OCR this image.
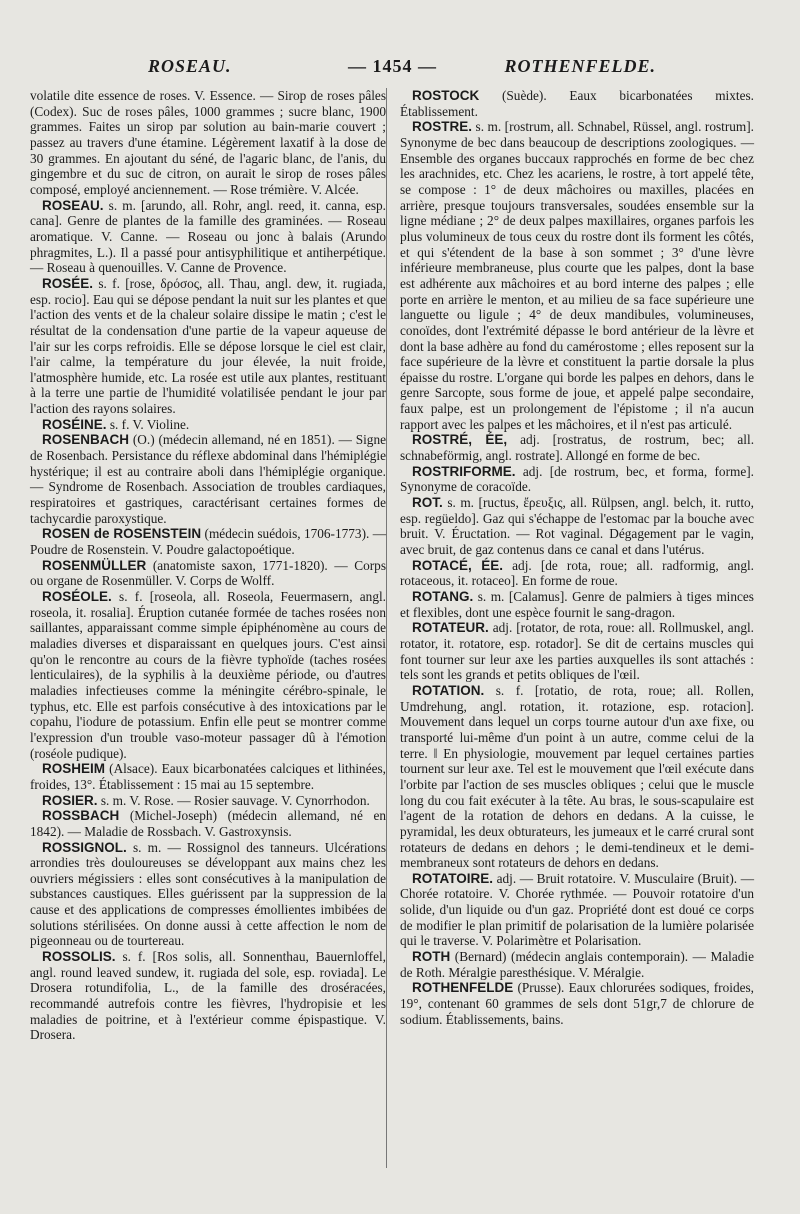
ROSEAU.	— 1454 —	ROTHENFELDE.

volatile dite essence de roses. V. Essence. — Sirop de roses pâles (Codex). Suc de roses pâles, 1000 grammes ; sucre blanc, 1900 grammes. Faites un sirop par solution au bain-marie couvert ; passez au travers d'une étamine. Légèrement laxatif à la dose de 30 grammes. En ajoutant du séné, de l'agaric blanc, de l'anis, du gingembre et du suc de citron, on aurait le sirop de roses pâles composé, employé anciennement. — Rose trémière. V. Alcée.

ROSEAU. s. m. [arundo, all. Rohr, angl. reed, it. canna, esp. cana]. Genre de plantes de la famille des graminées. — Roseau aromatique. V. Canne. — Roseau ou jonc à balais (Arundo phragmites, L.). Il a passé pour antisyphilitique et antiherpétique. — Roseau à quenouilles. V. Canne de Provence.

ROSÉE. s. f. [rose, δρόσος, all. Thau, angl. dew, it. rugiada, esp. rocio]. Eau qui se dépose pendant la nuit sur les plantes et que l'action des vents et de la chaleur solaire dissipe le matin ; c'est le résultat de la condensation d'une partie de la vapeur aqueuse de l'air sur les corps refroidis. Elle se dépose lorsque le ciel est clair, l'air calme, la température du jour élevée, la nuit froide, l'atmosphère humide, etc. La rosée est utile aux plantes, restituant à la terre une partie de l'humidité volatilisée pendant le jour par l'action des rayons solaires.

ROSÉINE. s. f. V. Violine.

ROSENBACH (O.) (médecin allemand, né en 1851). — Signe de Rosenbach. Persistance du réflexe abdominal dans l'hémiplégie hystérique; il est au contraire aboli dans l'hémiplégie organique. — Syndrome de Rosenbach. Association de troubles cardiaques, respiratoires et gastriques, caractérisant certaines formes de tachycardie paroxystique.

ROSEN de ROSENSTEIN (médecin suédois, 1706-1773). — Poudre de Rosenstein. V. Poudre galactopoétique.

ROSENMÜLLER (anatomiste saxon, 1771-1820). — Corps ou organe de Rosenmüller. V. Corps de Wolff.

ROSÉOLE. s. f. [roseola, all. Roseola, Feuermasern, angl. roseola, it. rosalia]. Éruption cutanée formée de taches rosées non saillantes, apparaissant comme simple épiphénomène au cours de maladies diverses et disparaissant en quelques jours. C'est ainsi qu'on le rencontre au cours de la fièvre typhoïde (taches rosées lenticulaires), de la syphilis à la deuxième période, ou d'autres maladies infectieuses comme la méningite cérébro-spinale, le typhus, etc. Elle est parfois consécutive à des intoxications par le copahu, l'iodure de potassium. Enfin elle peut se montrer comme l'expression d'un trouble vaso-moteur passager dû à l'émotion (roséole pudique).

ROSHEIM (Alsace). Eaux bicarbonatées calciques et lithinées, froides, 13°. Établissement : 15 mai au 15 septembre.

ROSIER. s. m. V. Rose. — Rosier sauvage. V. Cynorrhodon.

ROSSBACH (Michel-Joseph) (médecin allemand, né en 1842). — Maladie de Rossbach. V. Gastroxynsis.

ROSSIGNOL. s. m. — Rossignol des tanneurs. Ulcérations arrondies très douloureuses se développant aux mains chez les ouvriers mégissiers : elles sont consécutives à la manipulation de substances caustiques. Elles guérissent par la suppression de la cause et des applications de compresses émollientes imbibées de solutions stérilisées. On donne aussi à cette affection le nom de pigeonneau ou de tourtereau.

ROSSOLIS. s. f. [Ros solis, all. Sonnenthau, Bauernloffel, angl. round leaved sundew, it. rugiada del sole, esp. roviada]. Le Drosera rotundifolia, L., de la famille des droséracées, recommandé autrefois contre les fièvres, l'hydropisie et les maladies de poitrine, et à l'extérieur comme épispastique. V. Drosera.

ROSTOCK (Suède). Eaux bicarbonatées mixtes. Établissement.

ROSTRE. s. m. [rostrum, all. Schnabel, Rüssel, angl. rostrum]. Synonyme de bec dans beaucoup de descriptions zoologiques. — Ensemble des organes buccaux rapprochés en forme de bec chez les arachnides, etc. Chez les acariens, le rostre, à tort appelé tête, se compose : 1° de deux mâchoires ou maxilles, placées en arrière, presque toujours transversales, soudées ensemble sur la ligne médiane ; 2° de deux palpes maxillaires, organes parfois les plus volumineux de tous ceux du rostre dont ils forment les côtés, et qui s'étendent de la base à son sommet ; 3° d'une lèvre inférieure membraneuse, plus courte que les palpes, dont la base est adhérente aux mâchoires et au bord interne des palpes ; elle porte en arrière le menton, et au milieu de sa face supérieure une languette ou ligule ; 4° de deux mandibules, volumineuses, conoïdes, dont l'extrémité dépasse le bord antérieur de la lèvre et dont la base adhère au fond du camérostome ; elles reposent sur la face supérieure de la lèvre et constituent la partie dorsale la plus épaisse du rostre. L'organe qui borde les palpes en dehors, dans le genre Sarcopte, sous forme de joue, et appelé palpe secondaire, faux palpe, est un prolongement de l'épistome ; il n'a aucun rapport avec les palpes et les mâchoires, et il n'est pas articulé.

ROSTRÉ, ÉE, adj. [rostratus, de rostrum, bec; all. schnabeförmig, angl. rostrate]. Allongé en forme de bec.

ROSTRIFORME. adj. [de rostrum, bec, et forma, forme]. Synonyme de coracoïde.

ROT. s. m. [ructus, ἔρευξις, all. Rülpsen, angl. belch, it. rutto, esp. regüeldo]. Gaz qui s'échappe de l'estomac par la bouche avec bruit. V. Éructation. — Rot vaginal. Dégagement par le vagin, avec bruit, de gaz contenus dans ce canal et dans l'utérus.

ROTACÉ, ÉE. adj. [de rota, roue; all. radformig, angl. rotaceous, it. rotaceo]. En forme de roue.

ROTANG. s. m. [Calamus]. Genre de palmiers à tiges minces et flexibles, dont une espèce fournit le sang-dragon.

ROTATEUR. adj. [rotator, de rota, roue: all. Rollmuskel, angl. rotator, it. rotatore, esp. rotador]. Se dit de certains muscles qui font tourner sur leur axe les parties auxquelles ils sont attachés : tels sont les grands et petits obliques de l'œil.

ROTATION. s. f. [rotatio, de rota, roue; all. Rollen, Umdrehung, angl. rotation, it. rotazione, esp. rotacion]. Mouvement dans lequel un corps tourne autour d'un axe fixe, ou transporté lui-même d'un point à un autre, comme celui de la terre. ‖ En physiologie, mouvement par lequel certaines parties tournent sur leur axe. Tel est le mouvement que l'œil exécute dans l'orbite par l'action de ses muscles obliques ; celui que le muscle long du cou fait exécuter à la tête. Au bras, le sous-scapulaire est l'agent de la rotation de dehors en dedans. A la cuisse, le pyramidal, les deux obturateurs, les jumeaux et le carré crural sont rotateurs de dedans en dehors ; le demi-tendineux et le demi-membraneux sont rotateurs de dehors en dedans.

ROTATOIRE. adj. — Bruit rotatoire. V. Musculaire (Bruit). — Chorée rotatoire. V. Chorée rythmée. — Pouvoir rotatoire d'un solide, d'un liquide ou d'un gaz. Propriété dont est doué ce corps de modifier le plan primitif de polarisation de la lumière polarisée qui le traverse. V. Polarimètre et Polarisation.

ROTH (Bernard) (médecin anglais contemporain). — Maladie de Roth. Méralgie paresthésique. V. Méralgie.

ROTHENFELDE (Prusse). Eaux chlorurées sodiques, froides, 19°, contenant 60 grammes de sels dont 51gr,7 de chlorure de sodium. Établissements, bains.
